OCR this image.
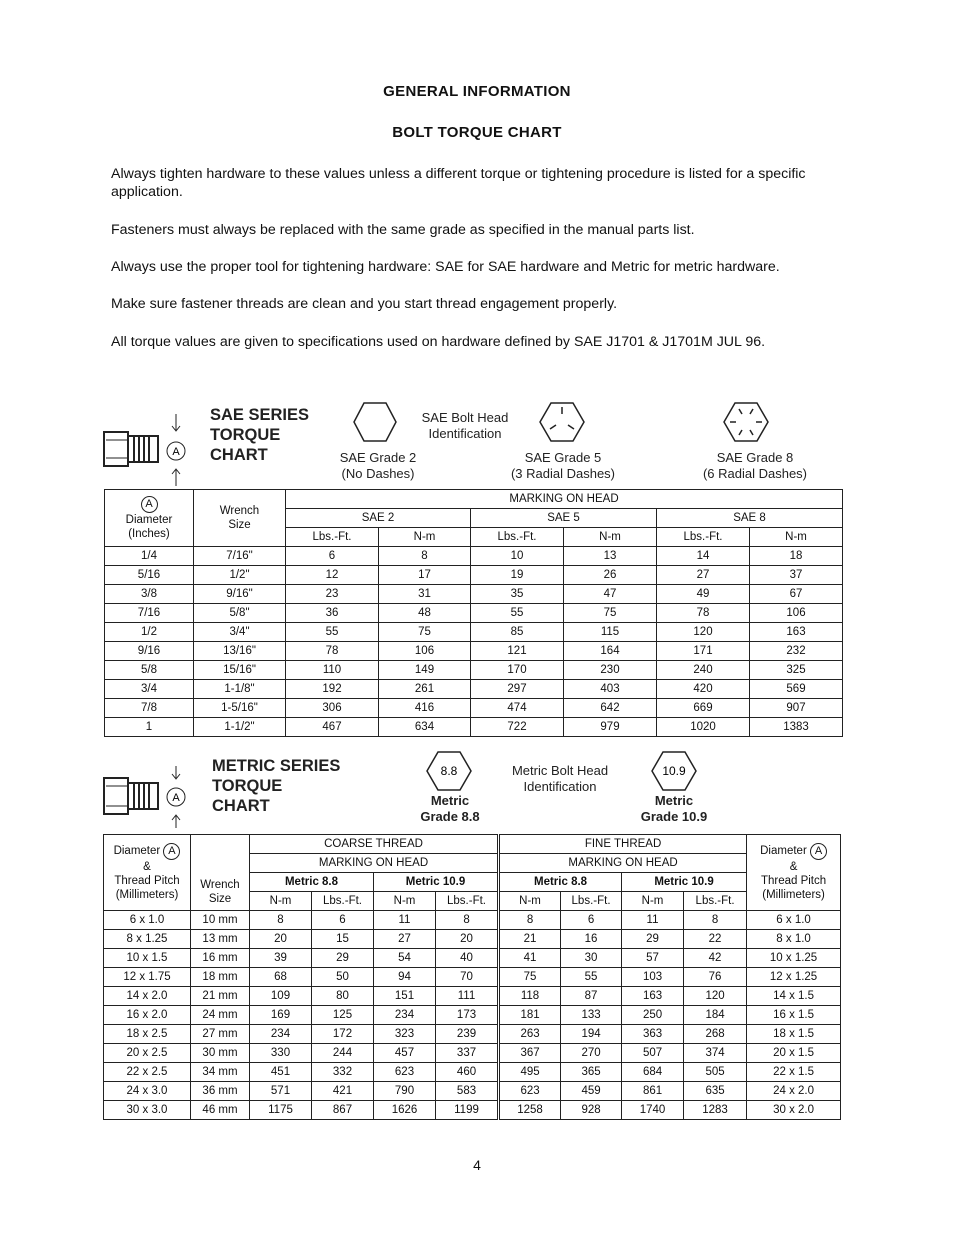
GENERAL INFORMATION
BOLT TORQUE CHART
Always tighten hardware to these values unless a different torque or tightening procedure is listed for a specific application.
Fasteners must always be replaced with the same grade as specified in the manual parts list.
Always use the proper tool for tightening hardware: SAE for SAE hardware and Metric for metric hardware.
Make sure fastener threads are clean and you start thread engagement properly.
All torque values are given to specifications used on hardware defined by SAE J1701 & J1701M JUL 96.
A
SAE SERIES
TORQUE
CHART
SAE Bolt Head
Identification
SAE Grade 2
(No Dashes)
SAE Grade 5
(3 Radial Dashes)
SAE Grade 8
(6 Radial Dashes)
A
Diameter
(Inches)	Wrench
Size	MARKING ON HEAD					
		SAE 2		SAE 5		SAE 8	
		Lbs.-Ft.	N-m	Lbs.-Ft.	N-m	Lbs.-Ft.	N-m
1/4	7/16"	6	8	10	13	14	18
5/16	1/2"	12	17	19	26	27	37
3/8	9/16"	23	31	35	47	49	67
7/16	5/8"	36	48	55	75	78	106
1/2	3/4"	55	75	85	115	120	163
9/16	13/16"	78	106	121	164	171	232
5/8	15/16"	110	149	170	230	240	325
3/4	1-1/8"	192	261	297	403	420	569
7/8	1-5/16"	306	416	474	642	669	907
1	1-1/2"	467	634	722	979	1020	1383
A
METRIC SERIES
TORQUE
CHART
8.8	10.9
Metric Bolt Head
Identification
Metric
Grade 8.8
Metric
Grade 10.9
Diameter A
&
Thread Pitch
(Millimeters)	Wrench
Size	COARSE THREAD				FINE THREAD				Diameter A
&
Thread Pitch
(Millimeters)
		MARKING ON HEAD				MARKING ON HEAD				
		Metric 8.8		Metric 10.9		Metric 8.8		Metric 10.9		
		N-m	Lbs.-Ft.	N-m	Lbs.-Ft.	N-m	Lbs.-Ft.	N-m	Lbs.-Ft.	
6 x 1.0	10 mm	8	6	11	8	8	6	11	8	6 x 1.0
8 x 1.25	13 mm	20	15	27	20	21	16	29	22	8 x 1.0
10 x 1.5	16 mm	39	29	54	40	41	30	57	42	10 x 1.25
12 x 1.75	18 mm	68	50	94	70	75	55	103	76	12 x 1.25
14 x 2.0	21 mm	109	80	151	111	118	87	163	120	14 x 1.5
16 x 2.0	24 mm	169	125	234	173	181	133	250	184	16 x 1.5
18 x 2.5	27 mm	234	172	323	239	263	194	363	268	18 x 1.5
20 x 2.5	30 mm	330	244	457	337	367	270	507	374	20 x 1.5
22 x 2.5	34 mm	451	332	623	460	495	365	684	505	22 x 1.5
24 x 3.0	36 mm	571	421	790	583	623	459	861	635	24 x 2.0
30 x 3.0	46 mm	1175	867	1626	1199	1258	928	1740	1283	30 x 2.0
4
